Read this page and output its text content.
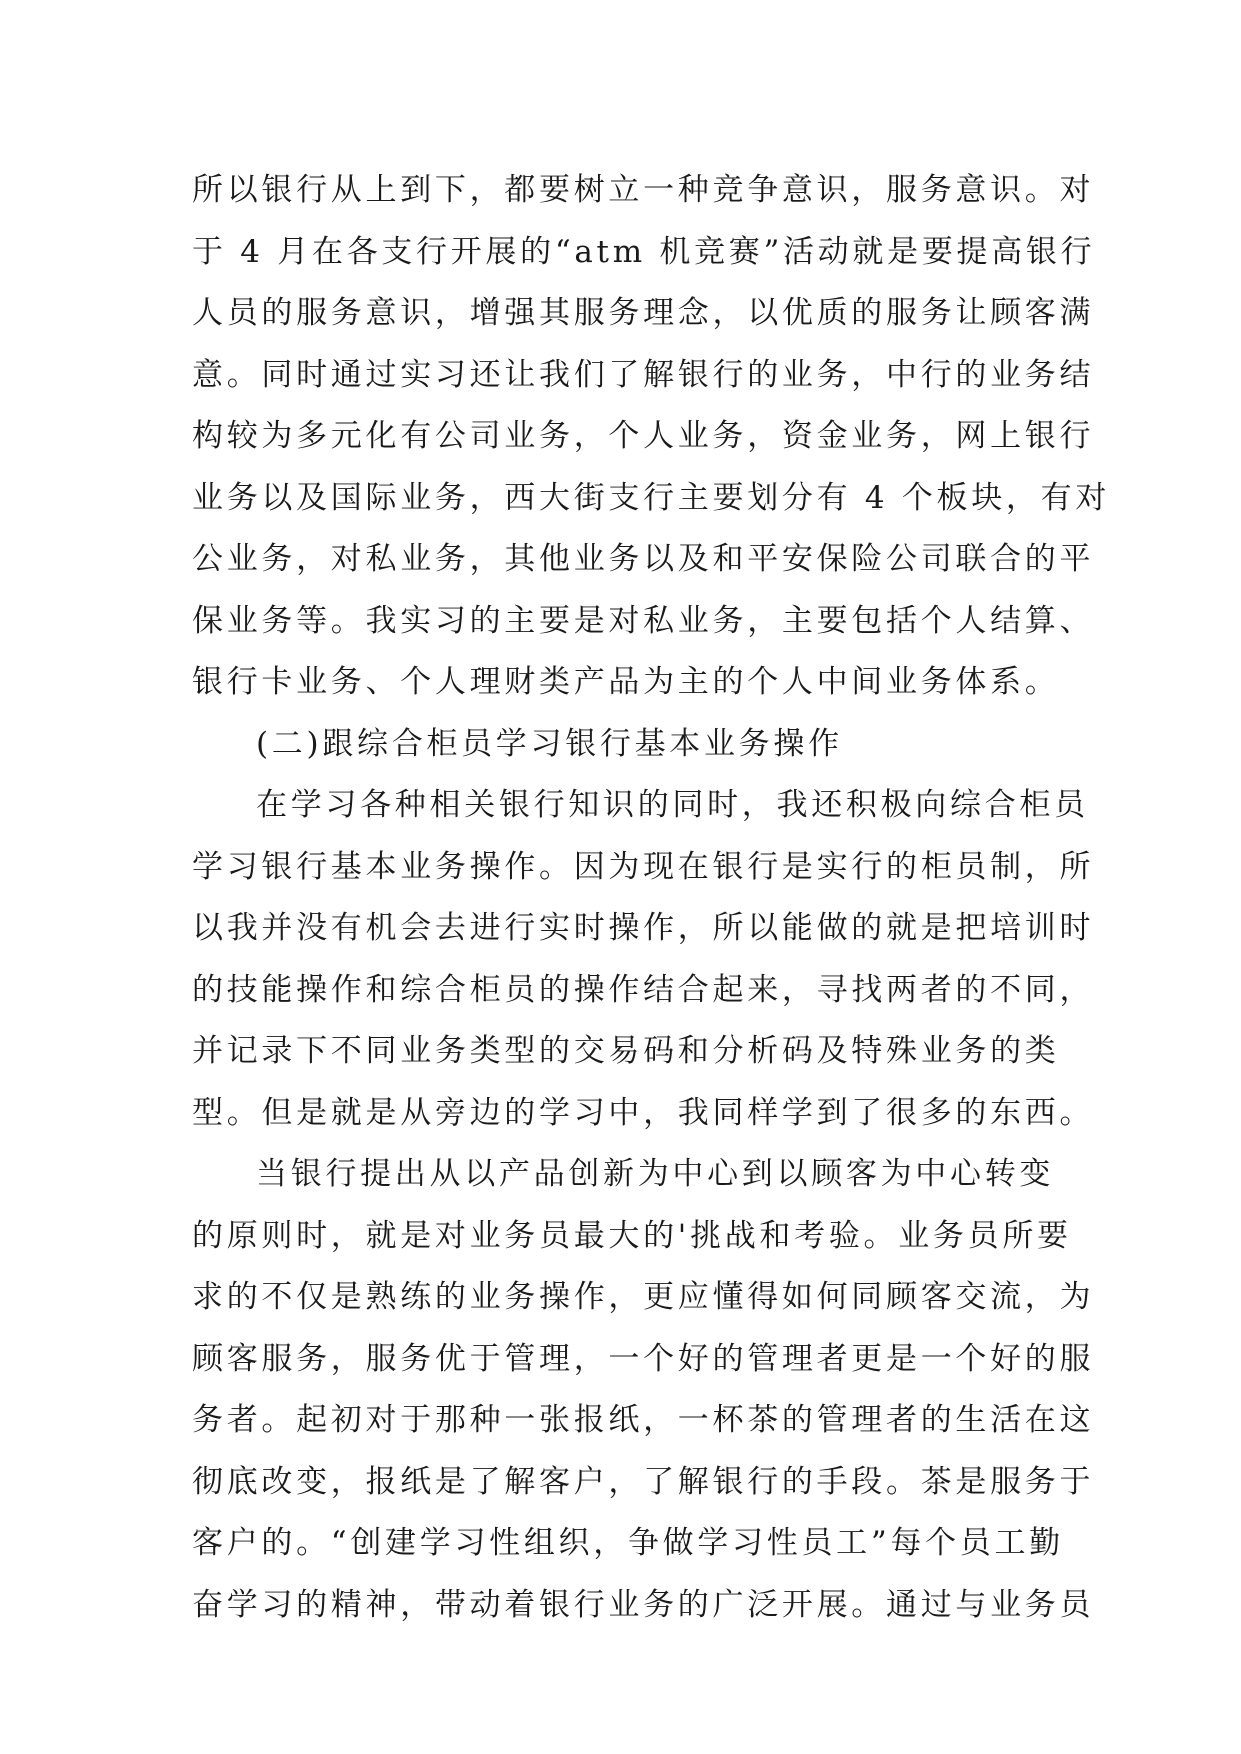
所以银行从上到下，都要树立一种竞争意识，服务意识。对
于 4 月在各支行开展的“atm 机竞赛”活动就是要提高银行
人员的服务意识，增强其服务理念，以优质的服务让顾客满
意。同时通过实习还让我们了解银行的业务，中行的业务结
构较为多元化有公司业务，个人业务，资金业务，网上银行
业务以及国际业务，西大街支行主要划分有 4 个板块，有对
公业务，对私业务，其他业务以及和平安保险公司联合的平
保业务等。我实习的主要是对私业务，主要包括个人结算、
银行卡业务、个人理财类产品为主的个人中间业务体系。
(二)跟综合柜员学习银行基本业务操作
在学习各种相关银行知识的同时，我还积极向综合柜员
学习银行基本业务操作。因为现在银行是实行的柜员制，所
以我并没有机会去进行实时操作，所以能做的就是把培训时
的技能操作和综合柜员的操作结合起来，寻找两者的不同，
并记录下不同业务类型的交易码和分析码及特殊业务的类
型。但是就是从旁边的学习中，我同样学到了很多的东西。
当银行提出从以产品创新为中心到以顾客为中心转变
的原则时，就是对业务员最大的'挑战和考验。业务员所要
求的不仅是熟练的业务操作，更应懂得如何同顾客交流，为
顾客服务，服务优于管理，一个好的管理者更是一个好的服
务者。起初对于那种一张报纸，一杯茶的管理者的生活在这
彻底改变，报纸是了解客户，了解银行的手段。茶是服务于
客户的。“创建学习性组织，争做学习性员工”每个员工勤
奋学习的精神，带动着银行业务的广泛开展。通过与业务员
